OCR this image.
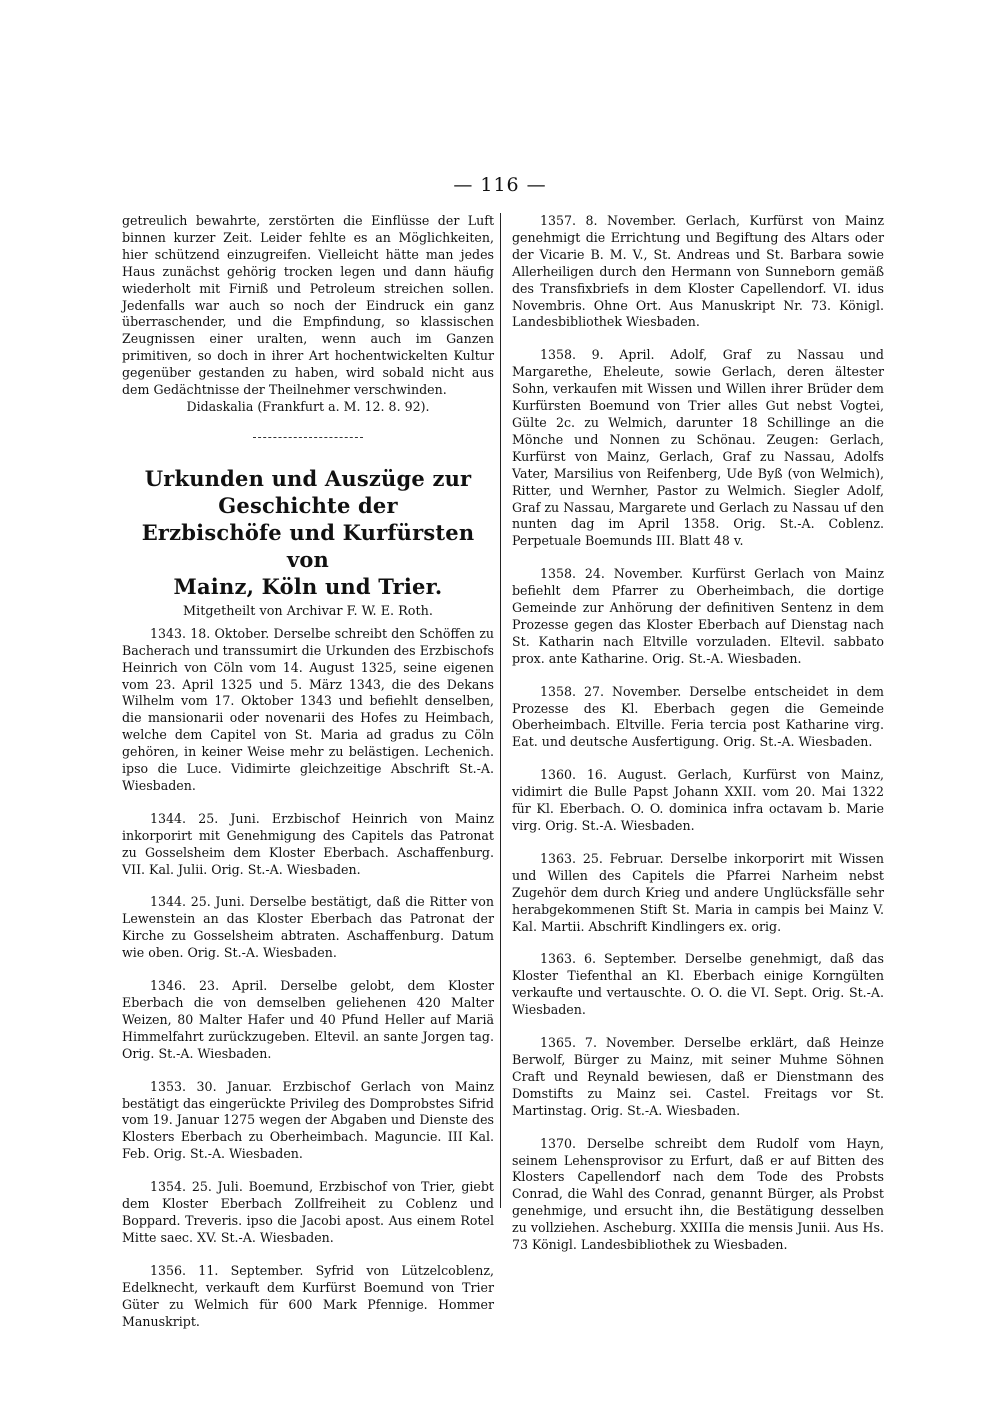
— 116 —

getreulich bewahrte, zerstörten die Einflüsse der Luft binnen kurzer Zeit. Leider fehlte es an Möglichkeiten, hier schützend einzugreifen. Vielleicht hätte man jedes Haus zunächst gehörig trocken legen und dann häufig wiederholt mit Firniß und Petroleum streichen sollen. Jedenfalls war auch so noch der Eindruck ein ganz überraschender, und die Empfindung, so klassischen Zeugnissen einer uralten, wenn auch im Ganzen primitiven, so doch in ihrer Art hochentwickelten Kultur gegenüber gestanden zu haben, wird sobald nicht aus dem Gedächtnisse der Theilnehmer verschwinden.

Didaskalia (Frankfurt a. M. 12. 8. 92).

Urkunden und Auszüge zur Geschichte der
Erzbischöfe und Kurfürsten von
Mainz, Köln und Trier.

Mitgetheilt von Archivar F. W. E. Roth.

1343. 18. Oktober. Derselbe schreibt den Schöffen zu Bacherach und transsumirt die Urkunden des Erzbischofs Heinrich von Cöln vom 14. August 1325, seine eigenen vom 23. April 1325 und 5. März 1343, die des Dekans Wilhelm vom 17. Oktober 1343 und befiehlt denselben, die mansionarii oder novenarii des Hofes zu Heimbach, welche dem Capitel von St. Maria ad gradus zu Cöln gehören, in keiner Weise mehr zu belästigen. Lechenich. ipso die Luce. Vidimirte gleichzeitige Abschrift St.-A. Wiesbaden.

1344. 25. Juni. Erzbischof Heinrich von Mainz inkorporirt mit Genehmigung des Capitels das Patronat zu Gosselsheim dem Kloster Eberbach. Aschaffenburg. VII. Kal. Julii. Orig. St.-A. Wiesbaden.

1344. 25. Juni. Derselbe bestätigt, daß die Ritter von Lewenstein an das Kloster Eberbach das Patronat der Kirche zu Gosselsheim abtraten. Aschaffenburg. Datum wie oben. Orig. St.-A. Wiesbaden.

1346. 23. April. Derselbe gelobt, dem Kloster Eberbach die von demselben geliehenen 420 Malter Weizen, 80 Malter Hafer und 40 Pfund Heller auf Mariä Himmelfahrt zurückzugeben. Eltevil. an sante Jorgen tag. Orig. St.-A. Wiesbaden.

1353. 30. Januar. Erzbischof Gerlach von Mainz bestätigt das eingerückte Privileg des Domprobstes Sifrid vom 19. Januar 1275 wegen der Abgaben und Dienste des Klosters Eberbach zu Oberheimbach. Maguncie. III Kal. Feb. Orig. St.-A. Wiesbaden.

1354. 25. Juli. Boemund, Erzbischof von Trier, giebt dem Kloster Eberbach Zollfreiheit zu Coblenz und Boppard. Treveris. ipso die Jacobi apost. Aus einem Rotel Mitte saec. XV. St.-A. Wiesbaden.

1356. 11. September. Syfrid von Lützelcoblenz, Edelknecht, verkauft dem Kurfürst Boemund von Trier Güter zu Welmich für 600 Mark Pfennige. Hommer Manuskript.

1357. 8. November. Gerlach, Kurfürst von Mainz genehmigt die Errichtung und Begiftung des Altars oder der Vicarie B. M. V., St. Andreas und St. Barbara sowie Allerheiligen durch den Hermann von Sunneborn gemäß des Transfixbriefs in dem Kloster Capellendorf. VI. idus Novembris. Ohne Ort. Aus Manuskript Nr. 73. Königl. Landesbibliothek Wiesbaden.

1358. 9. April. Adolf, Graf zu Nassau und Margarethe, Eheleute, sowie Gerlach, deren ältester Sohn, verkaufen mit Wissen und Willen ihrer Brüder dem Kurfürsten Boemund von Trier alles Gut nebst Vogtei, Gülte 2c. zu Welmich, darunter 18 Schillinge an die Mönche und Nonnen zu Schönau. Zeugen: Gerlach, Kurfürst von Mainz, Gerlach, Graf zu Nassau, Adolfs Vater, Marsilius von Reifenberg, Ude Byß (von Welmich), Ritter, und Wernher, Pastor zu Welmich. Siegler Adolf, Graf zu Nassau, Margarete und Gerlach zu Nassau uf den nunten dag im April 1358. Orig. St.-A. Coblenz. Perpetuale Boemunds III. Blatt 48 v.

1358. 24. November. Kurfürst Gerlach von Mainz befiehlt dem Pfarrer zu Oberheimbach, die dortige Gemeinde zur Anhörung der definitiven Sentenz in dem Prozesse gegen das Kloster Eberbach auf Dienstag nach St. Katharin nach Eltville vorzuladen. Eltevil. sabbato prox. ante Katharine. Orig. St.-A. Wiesbaden.

1358. 27. November. Derselbe entscheidet in dem Prozesse des Kl. Eberbach gegen die Gemeinde Oberheimbach. Eltville. Feria tercia post Katharine virg. Eat. und deutsche Ausfertigung. Orig. St.-A. Wiesbaden.

1360. 16. August. Gerlach, Kurfürst von Mainz, vidimirt die Bulle Papst Johann XXII. vom 20. Mai 1322 für Kl. Eberbach. O. O. dominica infra octavam b. Marie virg. Orig. St.-A. Wiesbaden.

1363. 25. Februar. Derselbe inkorporirt mit Wissen und Willen des Capitels die Pfarrei Narheim nebst Zugehör dem durch Krieg und andere Unglücksfälle sehr herabgekommenen Stift St. Maria in campis bei Mainz V. Kal. Martii. Abschrift Kindlingers ex. orig.

1363. 6. September. Derselbe genehmigt, daß das Kloster Tiefenthal an Kl. Eberbach einige Korngülten verkaufte und vertauschte. O. O. die VI. Sept. Orig. St.-A. Wiesbaden.

1365. 7. November. Derselbe erklärt, daß Heinze Berwolf, Bürger zu Mainz, mit seiner Muhme Söhnen Craft und Reynald bewiesen, daß er Dienstmann des Domstifts zu Mainz sei. Castel. Freitags vor St. Martinstag. Orig. St.-A. Wiesbaden.

1370. Derselbe schreibt dem Rudolf vom Hayn, seinem Lehensprovisor zu Erfurt, daß er auf Bitten des Klosters Capellendorf nach dem Tode des Probsts Conrad, die Wahl des Conrad, genannt Bürger, als Probst genehmige, und ersucht ihn, die Bestätigung desselben zu vollziehen. Ascheburg. XXIIIa die mensis Junii. Aus Hs. 73 Königl. Landesbibliothek zu Wiesbaden.
